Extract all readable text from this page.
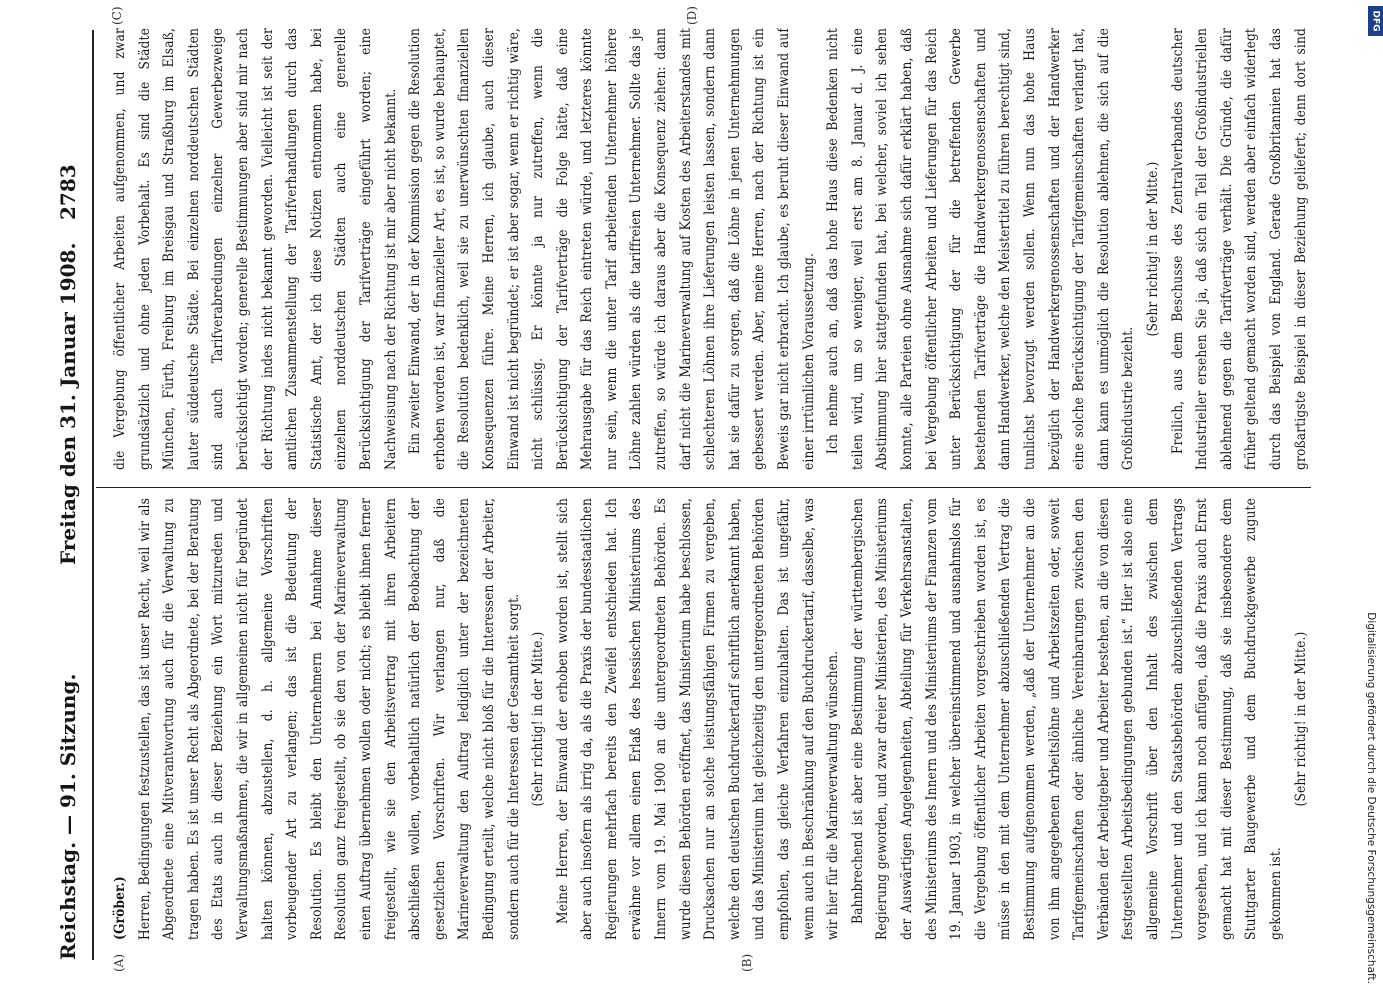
Reichstag. — 91. Sitzung.
Freitag den 31. Januar 1908.
2783
(A)	(B)
(C)	(D)

(Gröber.) Herren, Bedingungen festzustellen, das ist unser Recht, weil wir als Abgeordnete eine Mitverantwortung auch für die Verwaltung zu tragen haben. Es ist unser Recht als Abgeordnete, bei der Beratung des Etats auch in dieser Beziehung ein Wort mitzureden und Verwaltungsmaßnahmen, die wir in allgemeinen nicht für begründet halten können, abzustellen, d. h. allgemeine Vorschriften vorbeugender Art zu verlangen; das ist die Bedeutung der Resolution. Es bleibt den Unternehmern bei Annahme dieser Resolution ganz freigestellt, ob sie den von der Marineverwaltung einen Auftrag übernehmen wollen oder nicht; es bleibt ihnen ferner freigestellt, wie sie den Arbeitsvertrag mit ihren Arbeitern abschließen wollen, vorbehaltlich natürlich der Beobachtung der gesetzlichen Vorschriften. Wir verlangen nur, daß die Marineverwaltung den Auftrag lediglich unter der bezeichneten Bedingung erteilt, welche nicht bloß für die Interessen der Arbeiter, sondern auch für die Interessen der Gesamtheit sorgt. (Sehr richtig! in der Mitte.) Meine Herren, der Einwand der erhoben worden ist, stellt sich aber auch insofern als irrig da, als die Praxis der bundesstaatlichen Regierungen mehrfach bereits den Zweifel entschieden hat. Ich erwähne vor allem einen Erlaß des hessischen Ministeriums des Innern vom 19. Mai 1900 an die untergeordneten Behörden. Es wurde diesen Behörden eröffnet, das Ministerium habe beschlossen, Drucksachen nur an solche leistungsfähigen Firmen zu vergeben, welche den deutschen Buchdruckertarif schriftlich anerkannt haben, und das Ministerium hat gleichzeitig den untergeordneten Behörden empfohlen, das gleiche Verfahren einzuhalten. Das ist ungefähr, wenn auch in Beschränkung auf den Buchdruckertarif, dasselbe, was wir hier für die Marineverwaltung wünschen. Bahnbrechend ist aber eine Bestimmung der württembergischen Regierung geworden, und zwar dreier Ministerien, des Ministeriums der Auswärtigen Angelegenheiten, Abteilung für Verkehrsanstalten, des Ministeriums des Innern und des Ministeriums der Finanzen vom 19. Januar 1903, in welcher übereinstimmend und ausnahmslos für die Vergebung öffentlicher Arbeiten vorgeschrieben worden ist, es müsse in den mit dem Unternehmer abzuschließenden Vertrag die Bestimmung aufgenommen werden, „daß der Unternehmer an die von ihm angegebenen Arbeitslöhne und Arbeitszeiten oder, soweit Tarifgemeinschaften oder ähnliche Vereinbarungen zwischen den Verbänden der Arbeitgeber und Arbeiter bestehen, an die von diesen festgestellten Arbeitsbedingungen gebunden ist.“ Hier ist also eine allgemeine Vorschrift über den Inhalt des zwischen dem Unternehmer und den Staatsbehörden abzuschließenden Vertrags vorgesehen, und ich kann noch anfügen, daß die Praxis auch Ernst gemacht hat mit dieser Bestimmung, daß sie insbesondere dem Stuttgarter Baugewerbe und dem Buchdruckgewerbe zugute gekommen ist.

(Sehr richtig! in der Mitte.)

die Vergebung öffentlicher Arbeiten aufgenommen, und zwar grundsätzlich und ohne jeden Vorbehalt. Es sind die Städte München, Fürth, Freiburg im Breisgau und Straßburg im Elsaß, lauter süddeutsche Städte. Bei einzelnen norddeutschen Städten sind auch Tarifverabredungen einzelner Gewerbezweige berücksichtigt worden; generelle Bestimmungen aber sind mir nach der Richtung indes nicht bekannt geworden. Vielleicht ist seit der amtlichen Zusammenstellung der Tarifverhandlungen durch das Statistische Amt, der ich diese Notizen entnommen habe, bei einzelnen norddeutschen Städten auch eine generelle Berücksichtigung der Tarifverträge eingeführt worden; eine Nachweisung nach der Richtung ist mir aber nicht bekannt. Ein zweiter Einwand, der in der Kommission gegen die Resolution erhoben worden ist, war finanzieller Art, es ist, so wurde behauptet, die Resolution bedenklich, weil sie zu unerwünschten finanziellen Konsequenzen führe. Meine Herren, ich glaube, auch dieser Einwand ist nicht begründet; er ist aber sogar, wenn er richtig wäre, nicht schlüssig. Er könnte ja nur zutreffen, wenn die Berücksichtigung der Tarifverträge die Folge hätte, daß eine Mehrausgabe für das Reich eintreten würde, und letzteres könnte nur sein, wenn die unter Tarif arbeitenden Unternehmer höhere Löhne zahlen würden als die tariffreien Unternehmer. Sollte das je zutreffen, so würde ich daraus aber die Konsequenz ziehen: dann darf nicht die Marineverwaltung auf Kosten des Arbeiterstandes mit schlechteren Löhnen ihre Lieferungen leisten lassen, sondern dann hat sie dafür zu sorgen, daß die Löhne in jenen Unternehmungen gebessert werden. Aber, meine Herren, nach der Richtung ist ein Beweis gar nicht erbracht. Ich glaube, es beruht dieser Einwand auf einer irrtümlichen Voraussetzung. Ich nehme auch an, daß das hohe Haus diese Bedenken nicht teilen wird, um so weniger, weil erst am 8. Januar d. J. eine Abstimmung hier stattgefunden hat, bei welcher, soviel ich sehen konnte, alle Parteien ohne Ausnahme sich dafür erklärt haben, daß bei Vergebung öffentlicher Arbeiten und Lieferungen für das Reich unter Berücksichtigung der für die betreffenden Gewerbe bestehenden Tarifverträge die Handwerkergenossenschaften und dann Handwerker, welche den Meistertitel zu führen berechtigt sind, tunlichst bevorzugt werden sollen. Wenn nun das hohe Haus bezüglich der Handwerkergenossenschaften und der Handwerker eine solche Berücksichtigung der Tarifgemeinschaften verlangt hat, dann kann es unmöglich die Resolution ablehnen, die sich auf die Großindustrie bezieht.

(Sehr richtig! in der Mitte.)

Freilich, aus dem Beschusse des Zentralverbandes deutscher Industrieller ersehen Sie ja, daß sich ein Teil der Großindustriellen ablehnend gegen die Tarifverträge verhält. Die Gründe, die dafür früher geltend gemacht worden sind, werden aber einfach widerlegt durch das Beispiel von England. Gerade Großbritannien hat das großartigste Beispiel in dieser Beziehung geliefert; denn dort sind

DFG
Digitalisierung gefördert durch die Deutsche Forschungsgemeinschaft.
